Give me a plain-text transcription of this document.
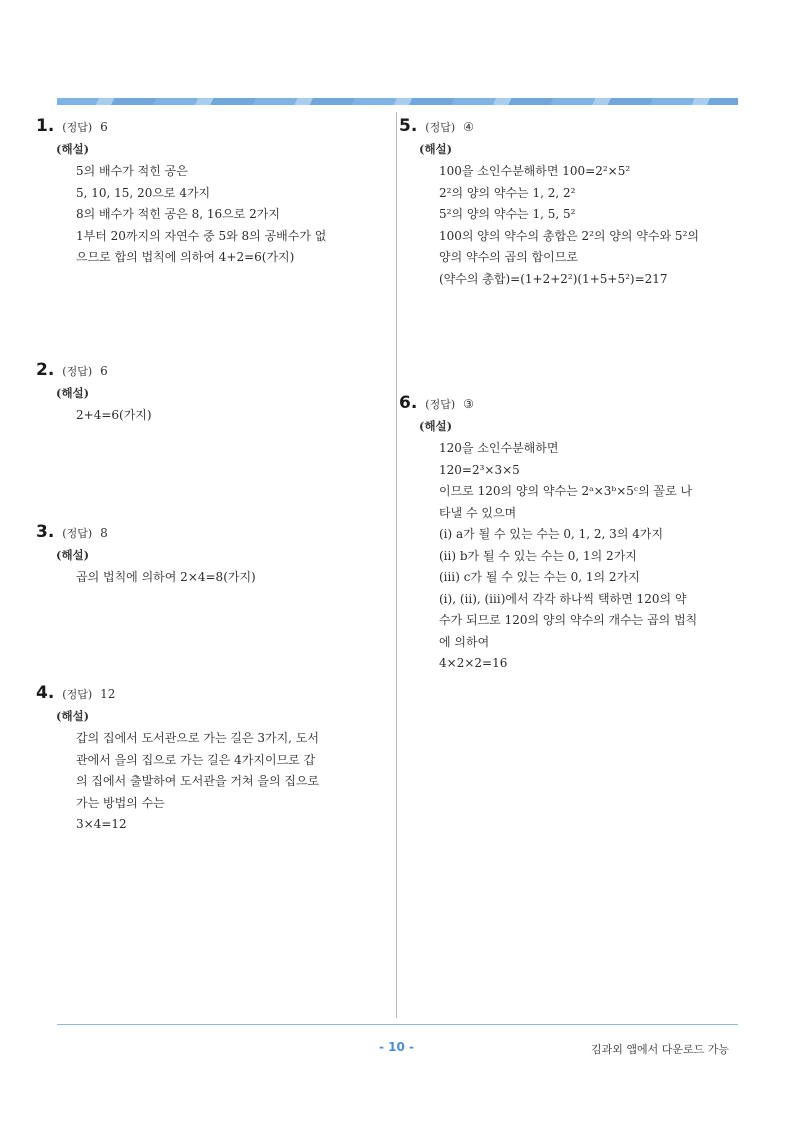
1. (정답) 6
(해설)
5의 배수가 적힌 공은
5, 10, 15, 20으로 4가지
8의 배수가 적힌 공은 8, 16으로 2가지
1부터 20까지의 자연수 중 5와 8의 공배수가 없
으므로 합의 법칙에 의하여 4+2=6(가지)
2. (정답) 6
(해설)
2+4=6(가지)
3. (정답) 8
(해설)
곱의 법칙에 의하여 2×4=8(가지)
4. (정답) 12
(해설)
갑의 집에서 도서관으로 가는 길은 3가지, 도서
관에서 을의 집으로 가는 길은 4가지이므로 갑
의 집에서 출발하여 도서관을 거쳐 을의 집으로
가는 방법의 수는
3×4=12
5. (정답) ④
(해설)
100을 소인수분해하면 100=2²×5²
2²의 양의 약수는 1, 2, 2²
5²의 양의 약수는 1, 5, 5²
100의 양의 약수의 총합은 2²의 양의 약수와 5²의
양의 약수의 곱의 합이므로
(약수의 총합)=(1+2+2²)(1+5+5²)=217
6. (정답) ③
(해설)
120을 소인수분해하면
120=2³×3×5
이므로 120의 양의 약수는 2ᵃ×3ᵇ×5ᶜ의 꼴로 나
타낼 수 있으며
(ⅰ) a가 될 수 있는 수는 0, 1, 2, 3의 4가지
(ⅱ) b가 될 수 있는 수는 0, 1의 2가지
(ⅲ) c가 될 수 있는 수는 0, 1의 2가지
(ⅰ), (ⅱ), (ⅲ)에서 각각 하나씩 택하면 120의 약
수가 되므로 120의 양의 약수의 개수는 곱의 법칙
에 의하여
4×2×2=16
- 10 -	김과외 앱에서 다운로드 가능
